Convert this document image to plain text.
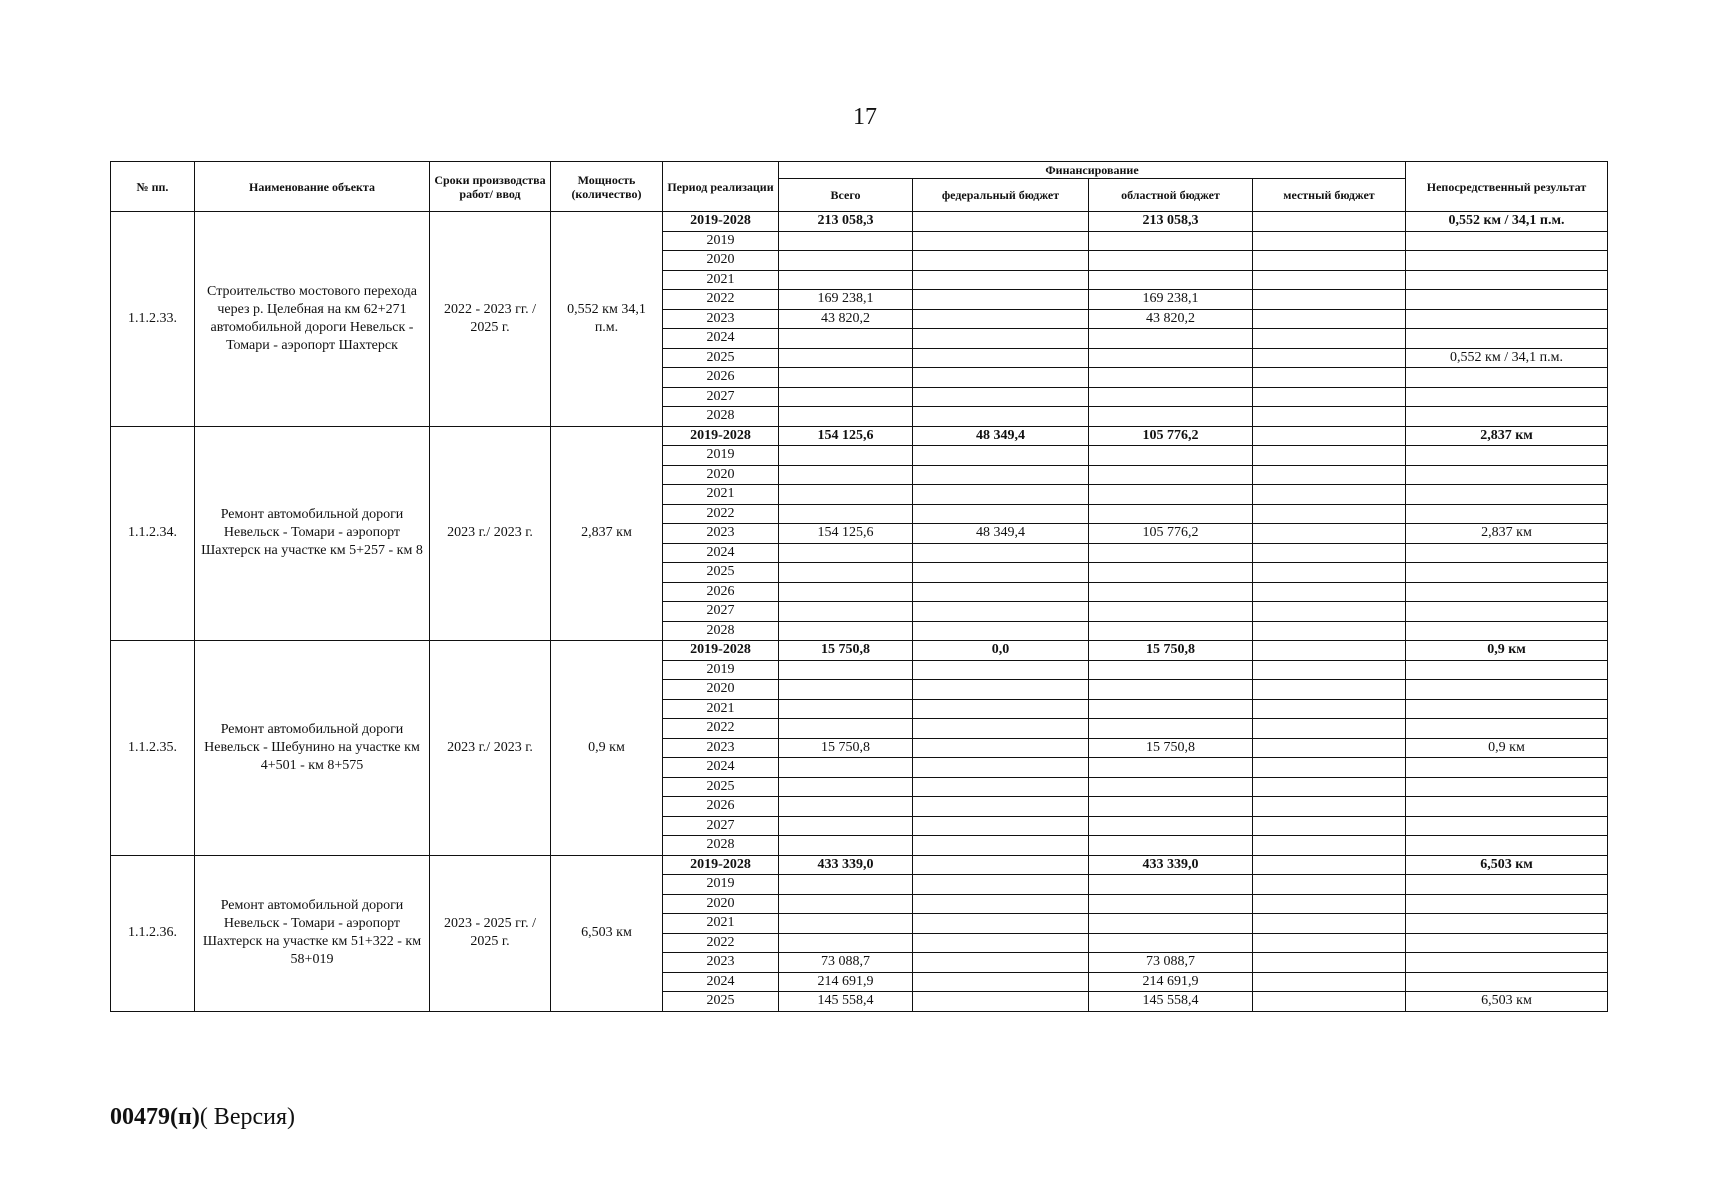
17
№ пп.	Наименование объекта	Сроки производства работ/ ввод	Мощность (количество)	Период реализации	Финансирование				Непосредственный результат
					Всего	федеральный бюджет	областной бюджет	местный бюджет	
1.1.2.33.	Строительство мостового перехода через р. Целебная на км 62+271 автомобильной дороги Невельск - Томари - аэропорт Шахтерск	2022 - 2023 гг. / 2025 г.	0,552 км 34,1 п.м.	2019-2028	213 058,3		213 058,3		0,552 км / 34,1 п.м.
				2019					
				2020					
				2021					
				2022	169 238,1		169 238,1		
				2023	43 820,2		43 820,2		
				2024					
				2025					0,552 км / 34,1 п.м.
				2026					
				2027					
				2028					
1.1.2.34.	Ремонт автомобильной дороги Невельск - Томари - аэропорт Шахтерск на участке км 5+257 - км 8	2023 г./ 2023 г.	2,837 км	2019-2028	154 125,6	48 349,4	105 776,2		2,837 км
				2019					
				2020					
				2021					
				2022					
				2023	154 125,6	48 349,4	105 776,2		2,837 км
				2024					
				2025					
				2026					
				2027					
				2028					
1.1.2.35.	Ремонт автомобильной дороги Невельск - Шебунино на участке км 4+501 - км 8+575	2023 г./ 2023 г.	0,9 км	2019-2028	15 750,8	0,0	15 750,8		0,9 км
				2019					
				2020					
				2021					
				2022					
				2023	15 750,8		15 750,8		0,9 км
				2024					
				2025					
				2026					
				2027					
				2028					
1.1.2.36.	Ремонт автомобильной дороги Невельск - Томари - аэропорт Шахтерск на участке км 51+322 - км 58+019	2023 - 2025 гг. / 2025 г.	6,503 км	2019-2028	433 339,0		433 339,0		6,503 км
				2019					
				2020					
				2021					
				2022					
				2023	73 088,7		73 088,7		
				2024	214 691,9		214 691,9		
				2025	145 558,4		145 558,4		6,503 км
00479(п)( Версия)
